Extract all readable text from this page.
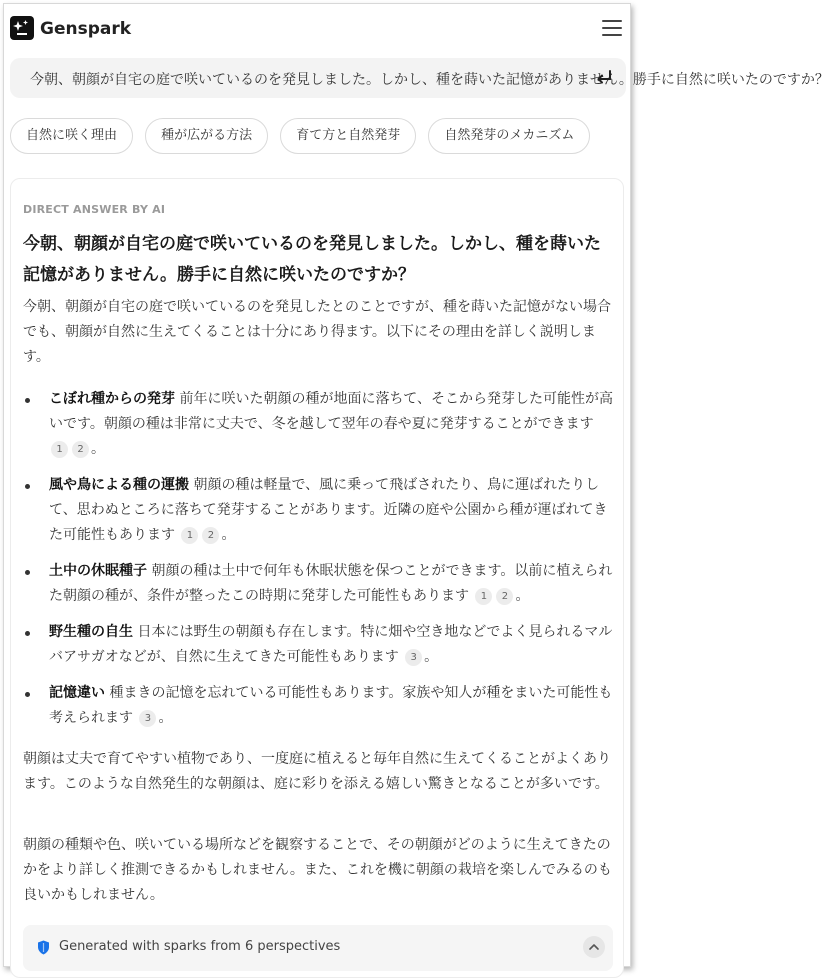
Genspark
今朝、朝顔が自宅の庭で咲いているのを発見しました。しかし、種を蒔いた記憶がありません。勝手に自然に咲いたのですか？
自然に咲く理由	種が広がる方法	育て方と自然発芽	自然発芽のメカニズム
DIRECT ANSWER BY AI
今朝、朝顔が自宅の庭で咲いているのを発見しました。しかし、種を蒔いた記憶がありません。勝手に自然に咲いたのですか？
今朝、朝顔が自宅の庭で咲いているのを発見したとのことですが、種を蒔いた記憶がない場合でも、朝顔が自然に生えてくることは十分にあり得ます。以下にその理由を詳しく説明します。
こぼれ種からの発芽 前年に咲いた朝顔の種が地面に落ちて、そこから発芽した可能性が高いです。朝顔の種は非常に丈夫で、冬を越して翌年の春や夏に発芽することができます 1 2 。
風や鳥による種の運搬 朝顔の種は軽量で、風に乗って飛ばされたり、鳥に運ばれたりして、思わぬところに落ちて発芽することがあります。近隣の庭や公園から種が運ばれてきた可能性もあります 1 2 。
土中の休眠種子 朝顔の種は土中で何年も休眠状態を保つことができます。以前に植えられた朝顔の種が、条件が整ったこの時期に発芽した可能性もあります 1 2 。
野生種の自生 日本には野生の朝顔も存在します。特に畑や空き地などでよく見られるマルバアサガオなどが、自然に生えてきた可能性もあります 3 。
記憶違い 種まきの記憶を忘れている可能性もあります。家族や知人が種をまいた可能性も考えられます 3 。
朝顔は丈夫で育てやすい植物であり、一度庭に植えると毎年自然に生えてくることがよくあります。このような自然発生的な朝顔は、庭に彩りを添える嬉しい驚きとなることが多いです。
朝顔の種類や色、咲いている場所などを観察することで、その朝顔がどのように生えてきたのかをより詳しく推測できるかもしれません。また、これを機に朝顔の栽培を楽しんでみるのも良いかもしれません。
Generated with sparks from 6 perspectives
